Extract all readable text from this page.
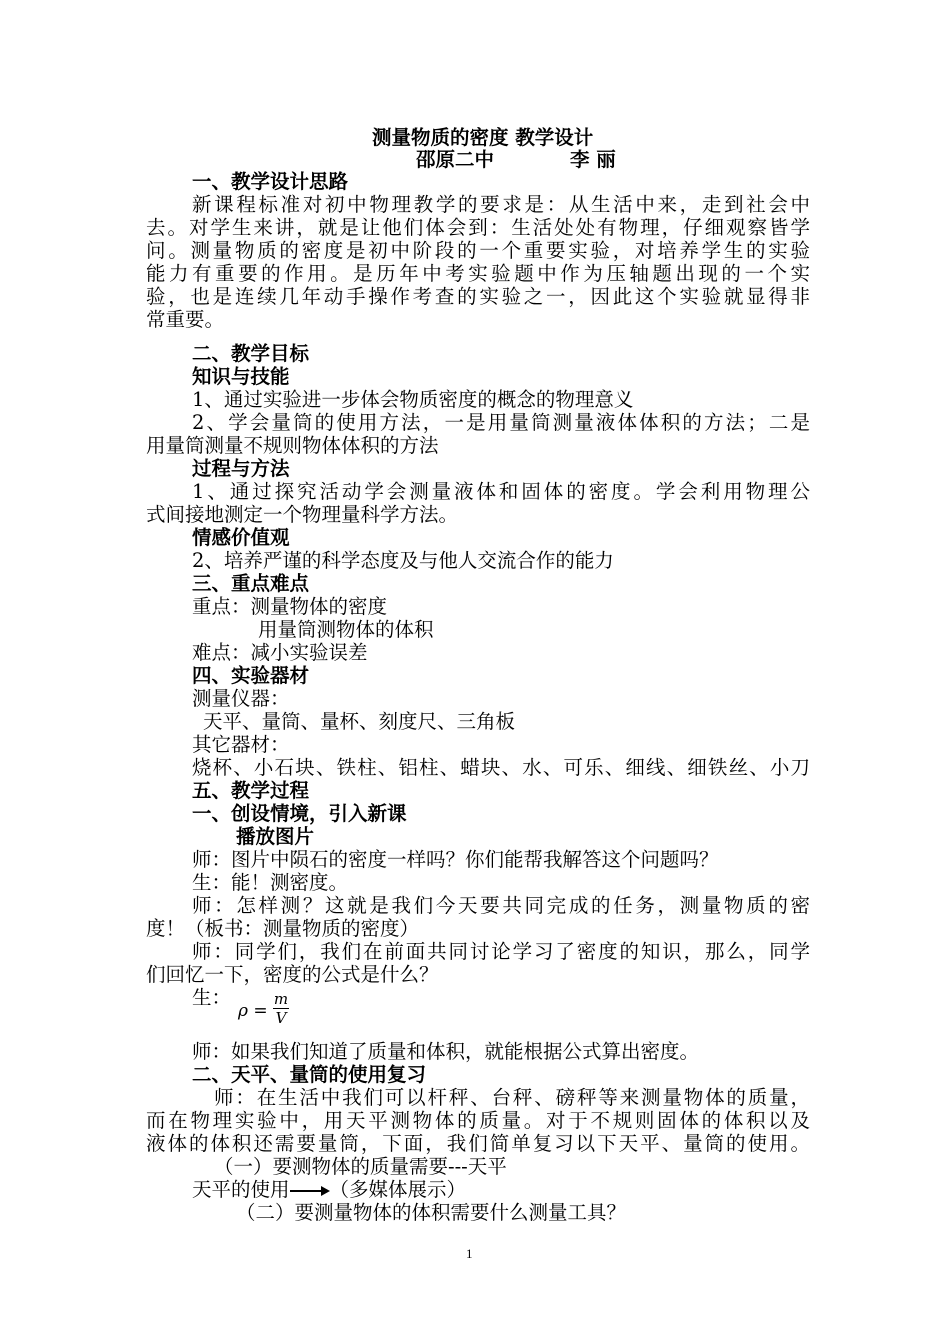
测量物质的密度 教学设计
邵原二中	李 丽
一、教学设计思路
新课程标准对初中物理教学的要求是：从生活中来，走到社会中
去。对学生来讲，就是让他们体会到：生活处处有物理，仔细观察皆学
问。测量物质的密度是初中阶段的一个重要实验，对培养学生的实验
能力有重要的作用。是历年中考实验题中作为压轴题出现的一个实
验，也是连续几年动手操作考查的实验之一，因此这个实验就显得非
常重要。
二、教学目标
知识与技能
1、通过实验进一步体会物质密度的概念的物理意义
2、学会量筒的使用方法，一是用量筒测量液体体积的方法；二是
用量筒测量不规则物体体积的方法
过程与方法
1、通过探究活动学会测量液体和固体的密度。学会利用物理公
式间接地测定一个物理量科学方法。
情感价值观
2、培养严谨的科学态度及与他人交流合作的能力
三、重点难点
重点：测量物体的密度
用量筒测物体的体积
难点：减小实验误差
四、实验器材
测量仪器：
天平、量筒、量杯、刻度尺、三角板
其它器材：
烧杯、小石块、铁柱、铝柱、蜡块、水、可乐、细线、细铁丝、小刀
五、教学过程
一、创设情境，引入新课
播放图片
师：图片中陨石的密度一样吗？你们能帮我解答这个问题吗？
生：能！测密度。
师：怎样测？这就是我们今天要共同完成的任务，测量物质的密
度！（板书：测量物质的密度）
师：同学们，我们在前面共同讨论学习了密度的知识，那么，同学
们回忆一下，密度的公式是什么？
生：
ρ =
m
V
师：如果我们知道了质量和体积，就能根据公式算出密度。
二、天平、量筒的使用复习
师：在生活中我们可以杆秤、台秤、磅秤等来测量物体的质量，
而在物理实验中，用天平测物体的质量。对于不规则固体的体积以及
液体的体积还需要量筒，下面，我们简单复习以下天平、量筒的使用。
（一）要测物体的质量需要---天平
天平的使用 （多媒体展示）
（二）要测量物体的体积需要什么测量工具？
1
